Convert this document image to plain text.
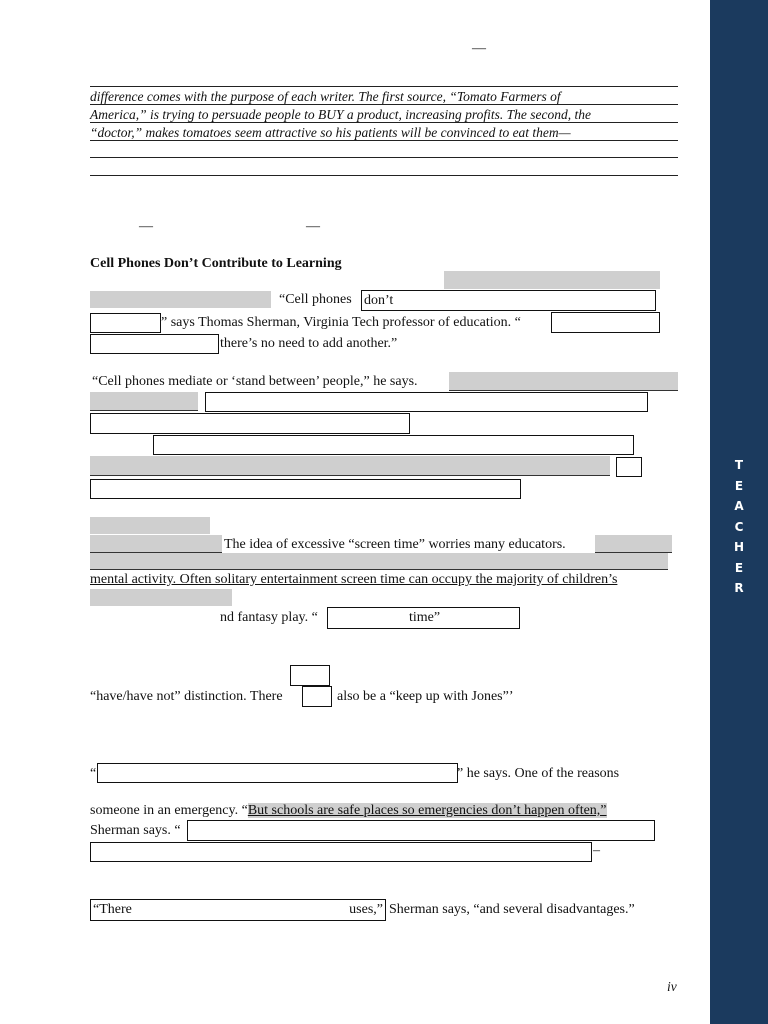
T
E
A
C
H
E
R
—
difference comes with the purpose of each writer. The first source, “Tomato Farmers of
America,” is trying to persuade people to BUY a product, increasing profits. The second, the
“doctor,” makes tomatoes seem attractive so his patients will be convinced to eat them—
—	—
Cell Phones Don’t Contribute to Learning
“Cell phones don’t
” says Thomas Sherman, Virginia Tech professor of education. “
there’s no need to add another.”
“Cell phones mediate or ‘stand between’ people,” he says.
The idea of excessive “screen time” worries many educators.
mental activity. Often solitary entertainment screen time can occupy the majority of children’s
nd fantasy play. “	time”
“have/have not” distinction. There	also be a “keep up with Jones”’
“	” he says. One of the reasons
someone in an emergency. “But schools are safe places so emergencies don’t happen often,”
Sherman says. “
–
“There	uses,” Sherman says, “and several disadvantages.”
iv
